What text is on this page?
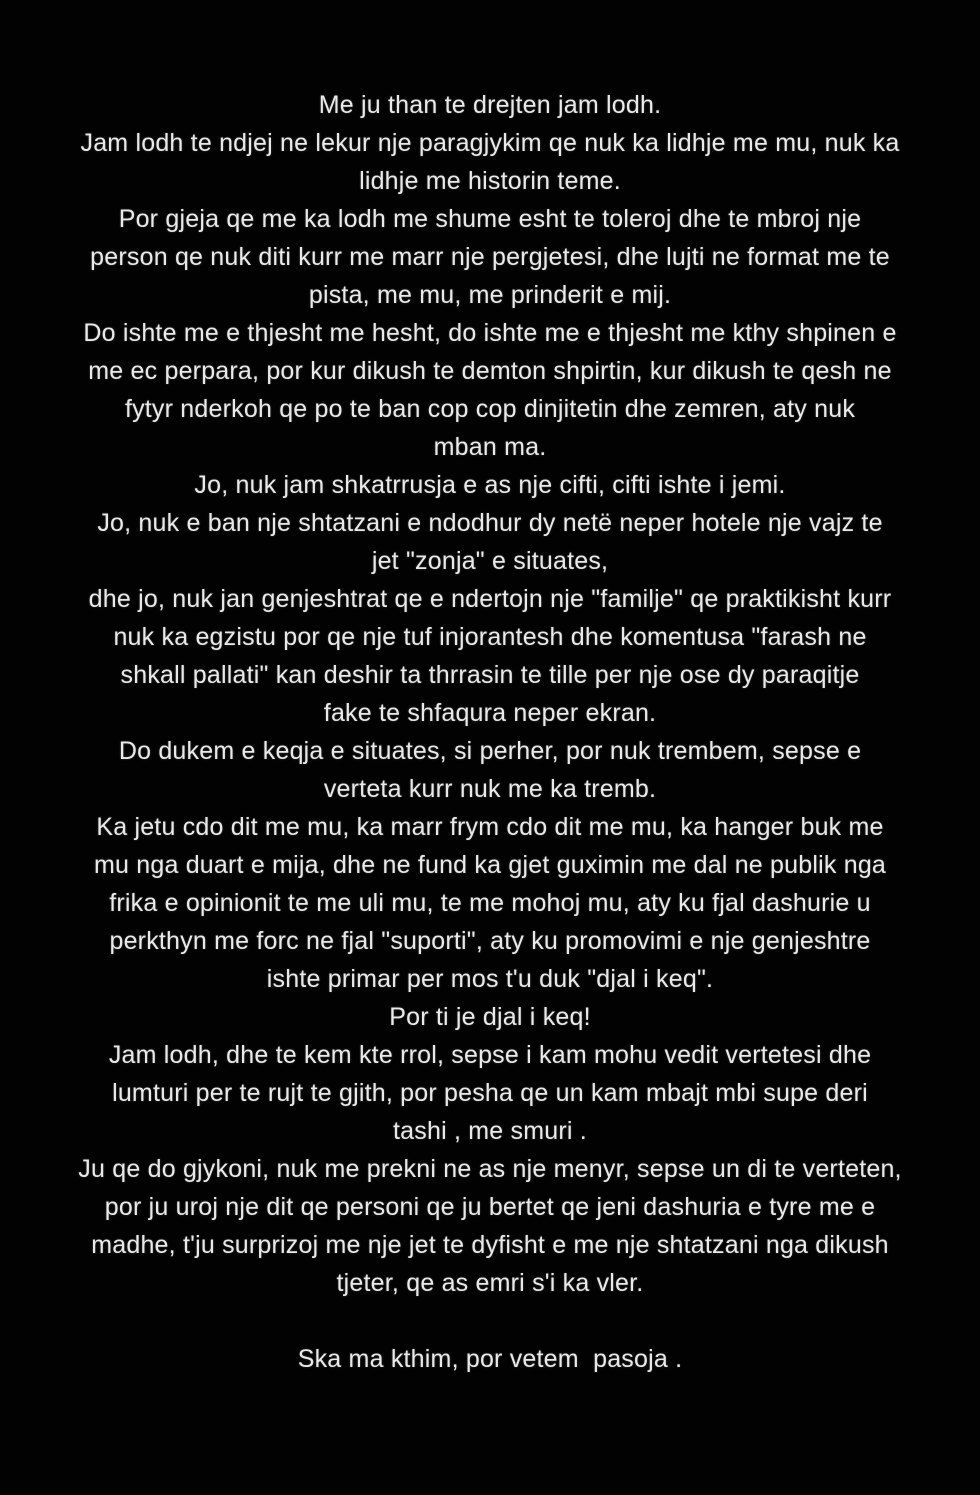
Me ju than te drejten jam lodh.
Jam lodh te ndjej ne lekur nje paragjykim qe nuk ka lidhje me mu, nuk ka
lidhje me historin teme.
Por gjeja qe me ka lodh me shume esht te toleroj dhe te mbroj nje
person qe nuk diti kurr me marr nje pergjetesi, dhe lujti ne format me te
pista, me mu, me prinderit e mij.
Do ishte me e thjesht me hesht, do ishte me e thjesht me kthy shpinen e
me ec perpara, por kur dikush te demton shpirtin, kur dikush te qesh ne
fytyr nderkoh qe po te ban cop cop dinjitetin dhe zemren, aty nuk
mban ma.
Jo, nuk jam shkatrrusja e as nje cifti, cifti ishte i jemi.
Jo, nuk e ban nje shtatzani e ndodhur dy netë neper hotele nje vajz te
jet "zonja" e situates,
dhe jo, nuk jan genjeshtrat qe e ndertojn nje "familje" qe praktikisht kurr
nuk ka egzistu por qe nje tuf injorantesh dhe komentusa "farash ne
shkall pallati" kan deshir ta thrrasin te tille per nje ose dy paraqitje
fake te shfaqura neper ekran.
Do dukem e keqja e situates, si perher, por nuk trembem, sepse e
verteta kurr nuk me ka tremb.
Ka jetu cdo dit me mu, ka marr frym cdo dit me mu, ka hanger buk me
mu nga duart e mija, dhe ne fund ka gjet guximin me dal ne publik nga
frika e opinionit te me uli mu, te me mohoj mu, aty ku fjal dashurie u
perkthyn me forc ne fjal "suporti", aty ku promovimi e nje genjeshtre
ishte primar per mos t'u duk "djal i keq".
Por ti je djal i keq!
Jam lodh, dhe te kem kte rrol, sepse i kam mohu vedit vertetesi dhe
lumturi per te rujt te gjith, por pesha qe un kam mbajt mbi supe deri
tashi , me smuri .
Ju qe do gjykoni, nuk me prekni ne as nje menyr, sepse un di te verteten,
por ju uroj nje dit qe personi qe ju bertet qe jeni dashuria e tyre me e
madhe, t'ju surprizoj me nje jet te dyfisht e me nje shtatzani nga dikush
tjeter, qe as emri s'i ka vler.

Ska ma kthim, por vetem  pasoja .
